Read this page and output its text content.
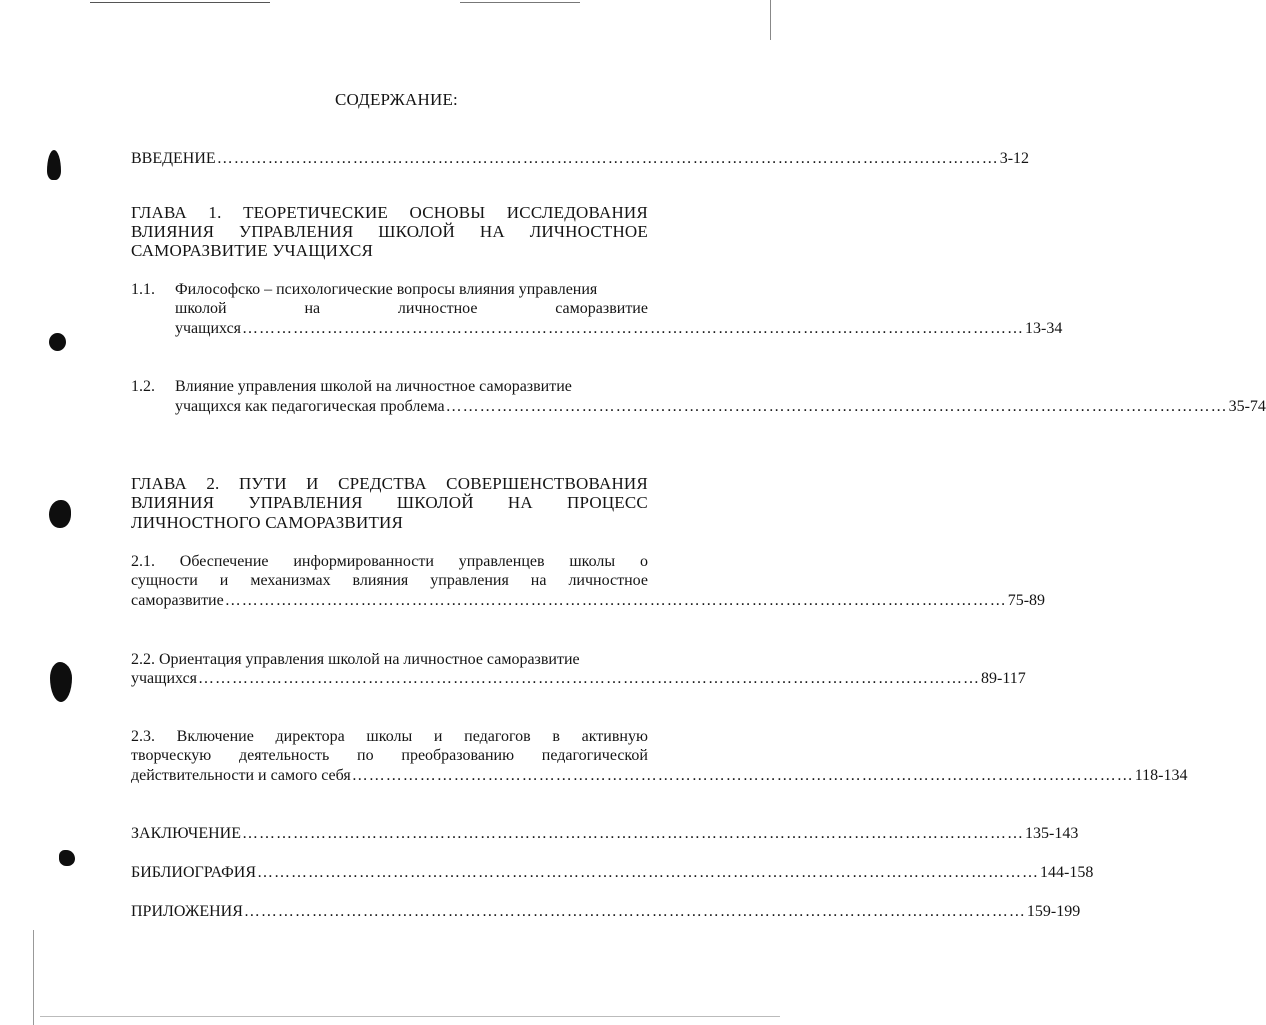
СОДЕРЖАНИЕ:
ВВЕДЕНИЕ ………………………………………………………………………………………………………………………… 3-12
ГЛАВА 1. ТЕОРЕТИЧЕСКИЕ ОСНОВЫ ИССЛЕДОВАНИЯ
ВЛИЯНИЯ УПРАВЛЕНИЯ ШКОЛОЙ НА ЛИЧНОСТНОЕ
САМОРАЗВИТИЕ УЧАЩИХСЯ
1.1. Философско – психологические вопросы влияния управления
школой	на	личностное	саморазвитие
учащихся ………………………………………………………………………………………………………………………… 13-34
1.2. Влияние управления школой на личностное саморазвитие
учащихся как педагогическая проблема ………………………………………………………………………………………………………………………… 35-74
ГЛАВА 2. ПУТИ И СРЕДСТВА СОВЕРШЕНСТВОВАНИЯ
ВЛИЯНИЯ УПРАВЛЕНИЯ ШКОЛОЙ НА ПРОЦЕСС
ЛИЧНОСТНОГО САМОРАЗВИТИЯ
2.1. Обеспечение информированности управленцев школы о
сущности и механизмах влияния управления на личностное
саморазвитие ………………………………………………………………………………………………………………………… 75-89
2.2. Ориентация управления школой на личностное саморазвитие
учащихся ………………………………………………………………………………………………………………………… 89-117
2.3. Включение директора школы и педагогов в активную
творческую деятельность по преобразованию педагогической
действительности и самого себя ………………………………………………………………………………………………………………………… 118-134
ЗАКЛЮЧЕНИЕ ………………………………………………………………………………………………………………………… 135-143
БИБЛИОГРАФИЯ ………………………………………………………………………………………………………………………… 144-158
ПРИЛОЖЕНИЯ ………………………………………………………………………………………………………………………… 159-199
